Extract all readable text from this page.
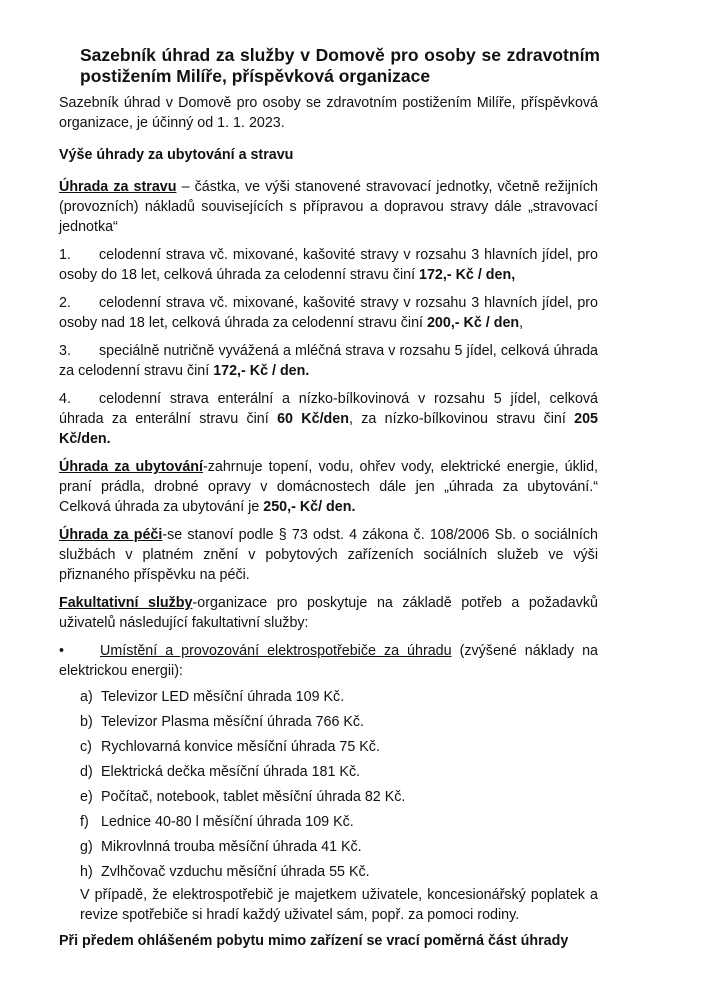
Sazebník úhrad za služby v Domově pro osoby se zdravotním postižením Milíře, příspěvková organizace

Sazebník úhrad v Domově pro osoby se zdravotním postižením Milíře, příspěvková organizace, je účinný od 1. 1. 2023.

Výše úhrady za ubytování a stravu

Úhrada za stravu – částka, ve výši stanovené stravovací jednotky, včetně režijních (provozních) nákladů souvisejících s přípravou a dopravou stravy dále „stravovací jednotka“

1. celodenní strava vč. mixované, kašovité stravy v rozsahu 3 hlavních jídel, pro osoby do 18 let, celková úhrada za celodenní stravu činí 172,- Kč / den,

2. celodenní strava vč. mixované, kašovité stravy v rozsahu 3 hlavních jídel, pro osoby nad 18 let, celková úhrada za celodenní stravu činí 200,- Kč / den,

3. speciálně nutričně vyvážená a mléčná strava v rozsahu 5 jídel, celková úhrada za celodenní stravu činí 172,- Kč / den.

4. celodenní strava enterální a nízko-bílkovinová v rozsahu 5 jídel, celková úhrada za enterální stravu činí 60 Kč/den, za nízko-bílkovinou stravu činí 205 Kč/den.

Úhrada za ubytování-zahrnuje topení, vodu, ohřev vody, elektrické energie, úklid, praní prádla, drobné opravy v domácnostech dále jen „úhrada za ubytování.“ Celková úhrada za ubytování je 250,- Kč/ den.

Úhrada za péči-se stanoví podle § 73 odst. 4 zákona č. 108/2006 Sb. o sociálních službách v platném znění v pobytových zařízeních sociálních služeb ve výši přiznaného příspěvku na péči.

Fakultativní služby-organizace pro poskytuje na základě potřeb a požadavků uživatelů následující fakultativní služby:

•	Umístění a provozování elektrospotřebiče za úhradu (zvýšené náklady na elektrickou energii):

a) Televizor LED měsíční úhrada 109 Kč.
b) Televizor Plasma měsíční úhrada 766 Kč.
c) Rychlovarná konvice měsíční úhrada 75 Kč.
d) Elektrická dečka měsíční úhrada 181 Kč.
e) Počítač, notebook, tablet měsíční úhrada 82 Kč.
f) Lednice 40-80 l měsíční úhrada 109 Kč.
g) Mikrovlnná trouba měsíční úhrada 41 Kč.
h) Zvlhčovač vzduchu měsíční úhrada 55 Kč.

V případě, že elektrospotřebič je majetkem uživatele, koncesionářský poplatek a revize spotřebiče si hradí každý uživatel sám, popř. za pomoci rodiny.

Při předem ohlášeném pobytu mimo zařízení se vrací poměrná část úhrady
